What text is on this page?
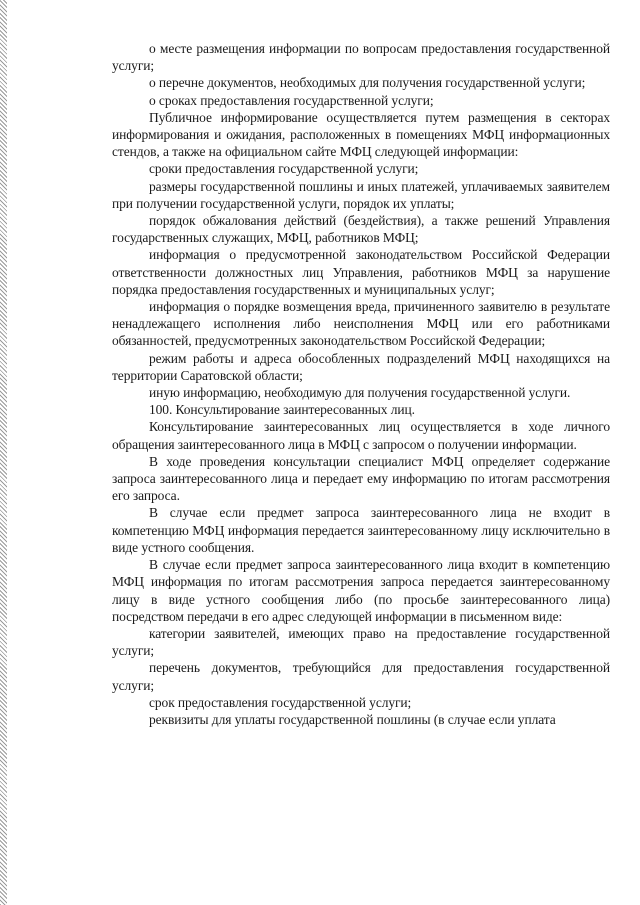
о месте размещения информации по вопросам предоставления государственной услуги;

о перечне документов, необходимых для получения государственной услуги;

о сроках предоставления государственной услуги;

Публичное информирование осуществляется путем размещения в секторах информирования и ожидания, расположенных в помещениях МФЦ информационных стендов, а также на официальном сайте МФЦ следующей информации:

сроки предоставления государственной услуги;

размеры государственной пошлины и иных платежей, уплачиваемых заявителем при получении государственной услуги, порядок их уплаты;

порядок обжалования действий (бездействия), а также решений Управления государственных служащих, МФЦ, работников МФЦ;

информация о предусмотренной законодательством Российской Федерации ответственности должностных лиц Управления, работников МФЦ за нарушение порядка предоставления государственных и муниципальных услуг;

информация о порядке возмещения вреда, причиненного заявителю в результате ненадлежащего исполнения либо неисполнения МФЦ или его работниками обязанностей, предусмотренных законодательством Российской Федерации;

режим работы и адреса обособленных подразделений МФЦ находящихся на территории Саратовской области;

иную информацию, необходимую для получения государственной услуги.

100. Консультирование заинтересованных лиц.

Консультирование заинтересованных лиц осуществляется в ходе личного обращения заинтересованного лица в МФЦ с запросом о получении информации.

В ходе проведения консультации специалист МФЦ определяет содержание запроса заинтересованного лица и передает ему информацию по итогам рассмотрения его запроса.

В случае если предмет запроса заинтересованного лица не входит в компетенцию МФЦ информация передается заинтересованному лицу исключительно в виде устного сообщения.

В случае если предмет запроса заинтересованного лица входит в компетенцию МФЦ информация по итогам рассмотрения запроса передается заинтересованному лицу в виде устного сообщения либо (по просьбе заинтересованного лица) посредством передачи в его адрес следующей информации в письменном виде:

категории заявителей, имеющих право на предоставление государственной услуги;

перечень документов, требующийся для предоставления государственной услуги;

срок предоставления государственной услуги;

реквизиты для уплаты государственной пошлины (в случае если уплата
